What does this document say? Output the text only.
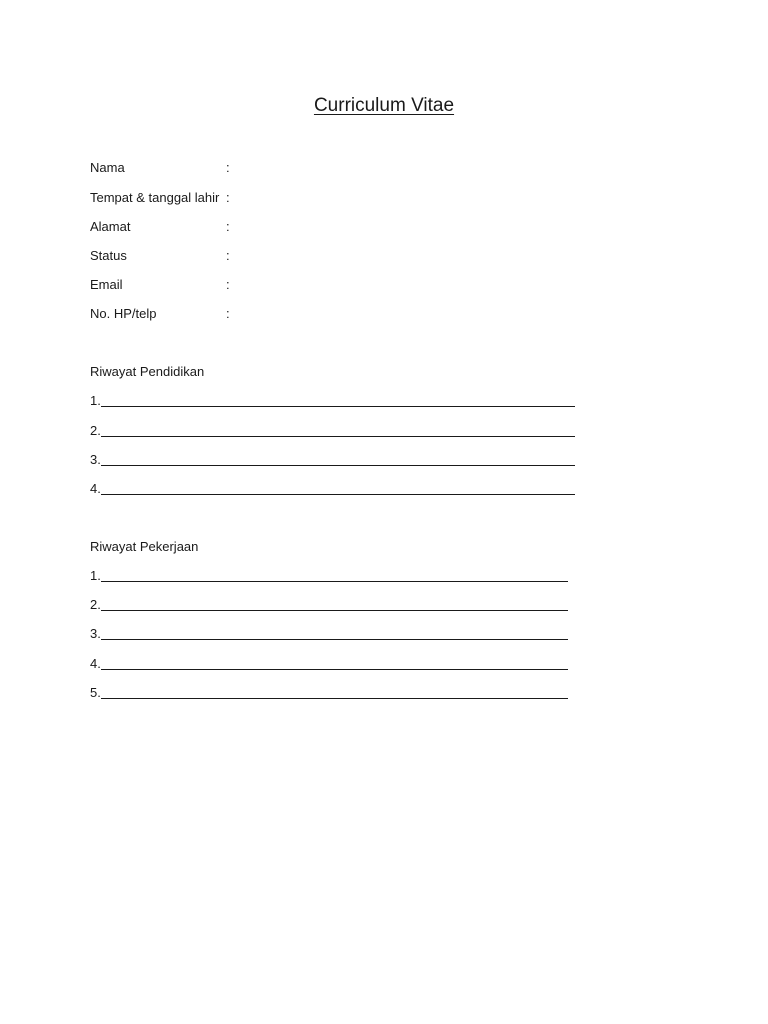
Curriculum Vitae
Nama	:
Tempat & tanggal lahir :
Alamat	:
Status	:
Email	:
No. HP/telp	:
Riwayat Pendidikan
1.
2.
3.
4.
Riwayat Pekerjaan
1.
2.
3.
4.
5.
